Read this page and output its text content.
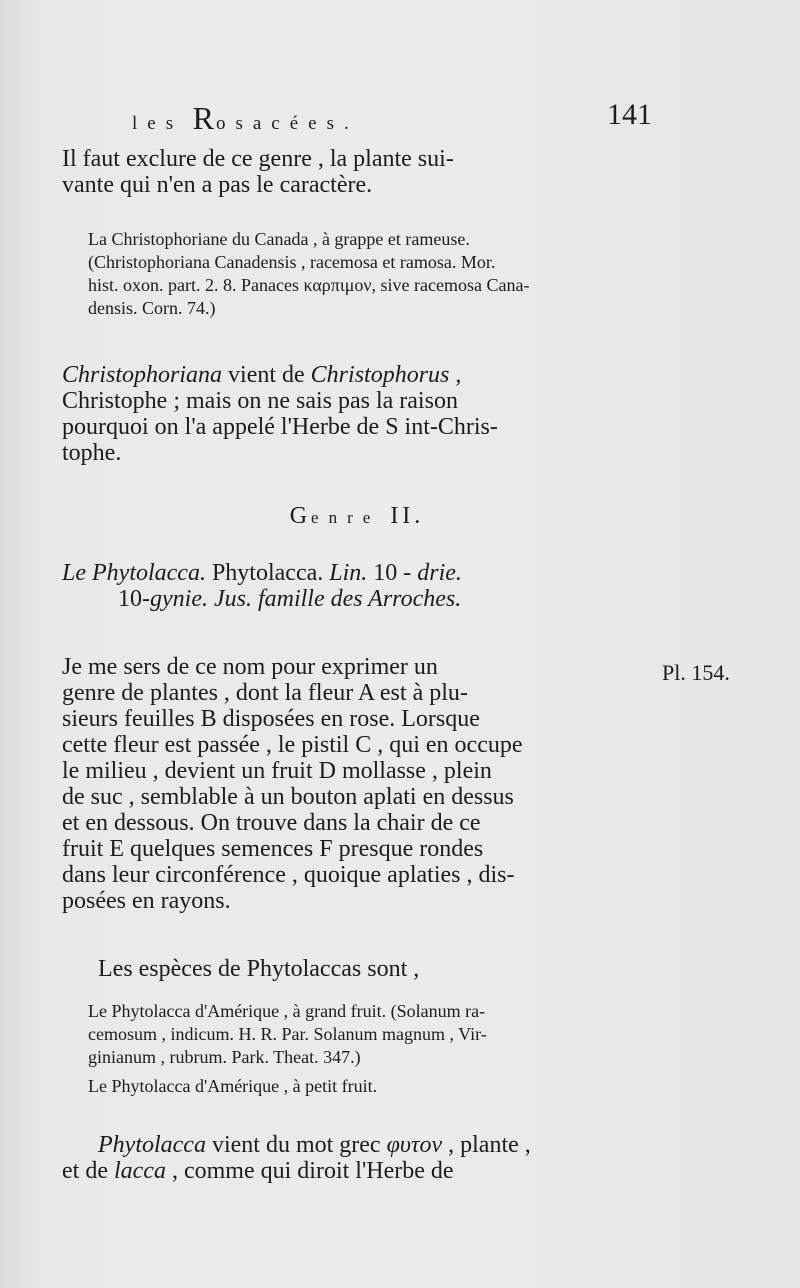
les Rosacées.	141
Il faut exclure de ce genre , la plante sui-
vante qui n'en a pas le caractère.
La Christophoriane du Canada , à grappe et rameuse.
(Christophoriana Canadensis , racemosa et ramosa. Mor.
hist. oxon. part. 2. 8. Panaces καρπιμον, sive racemosa Cana-
densis. Corn. 74.)
Christophoriana vient de Christophorus ,
Christophe ; mais on ne sais pas la raison
pourquoi on l'a appelé l'Herbe de S int-Chris-
tophe.
Genre II.
Le Phytolacca. Phytolacca. Lin. 10 - drie.
10-gynie. Jus. famille des Arroches.
Je me sers de ce nom pour exprimer un
genre de plantes , dont la fleur A est à plu-
sieurs feuilles B disposées en rose. Lorsque
cette fleur est passée , le pistil C , qui en occupe
le milieu , devient un fruit D mollasse , plein
de suc , semblable à un bouton aplati en dessus
et en dessous. On trouve dans la chair de ce
fruit E quelques semences F presque rondes
dans leur circonférence , quoique aplaties , dis-
posées en rayons.
Pl. 154.
Les espèces de Phytolaccas sont ,
Le Phytolacca d'Amérique , à grand fruit. (Solanum ra-
cemosum , indicum. H. R. Par. Solanum magnum , Vir-
ginianum , rubrum. Park. Theat. 347.)
Le Phytolacca d'Amérique , à petit fruit.
Phytolacca vient du mot grec φυτον , plante ,
et de lacca , comme qui diroit l'Herbe de
